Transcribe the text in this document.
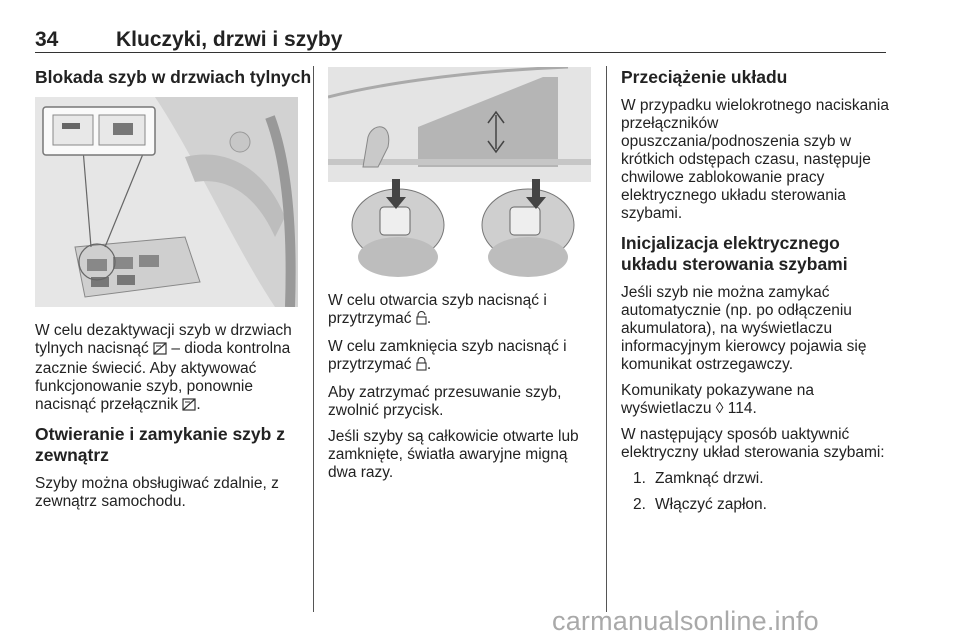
34	Kluczyki, drzwi i szyby
Blokada szyb w drzwiach tylnych

W celu dezaktywacji szyb w drzwiach tylnych nacisnąć  – dioda kontrolna zacznie świecić. Aby aktywować funkcjonowanie szyb, ponownie nacisnąć przełącznik .

Otwieranie i zamykanie szyb z zewnątrz

Szyby można obsługiwać zdalnie, z zewnątrz samochodu.

W celu otwarcia szyb nacisnąć i przytrzymać .

W celu zamknięcia szyb nacisnąć i przytrzymać .

Aby zatrzymać przesuwanie szyb, zwolnić przycisk.

Jeśli szyby są całkowicie otwarte lub zamknięte, światła awaryjne migną dwa razy.

Przeciążenie układu

W przypadku wielokrotnego naciskania przełączników opuszczania/podnoszenia szyb w krótkich odstępach czasu, następuje chwilowe zablokowanie pracy elektrycznego układu sterowania szybami.

Inicjalizacja elektrycznego układu sterowania szybami

Jeśli szyb nie można zamykać automatycznie (np. po odłączeniu akumulatora), na wyświetlaczu informacyjnym kierowcy pojawia się komunikat ostrzegawczy.

Komunikaty pokazywane na wyświetlaczu ◊ 114.

W następujący sposób uaktywnić elektryczny układ sterowania szybami:

1. Zamknąć drzwi.
2. Włączyć zapłon.
carmanualsonline.info
